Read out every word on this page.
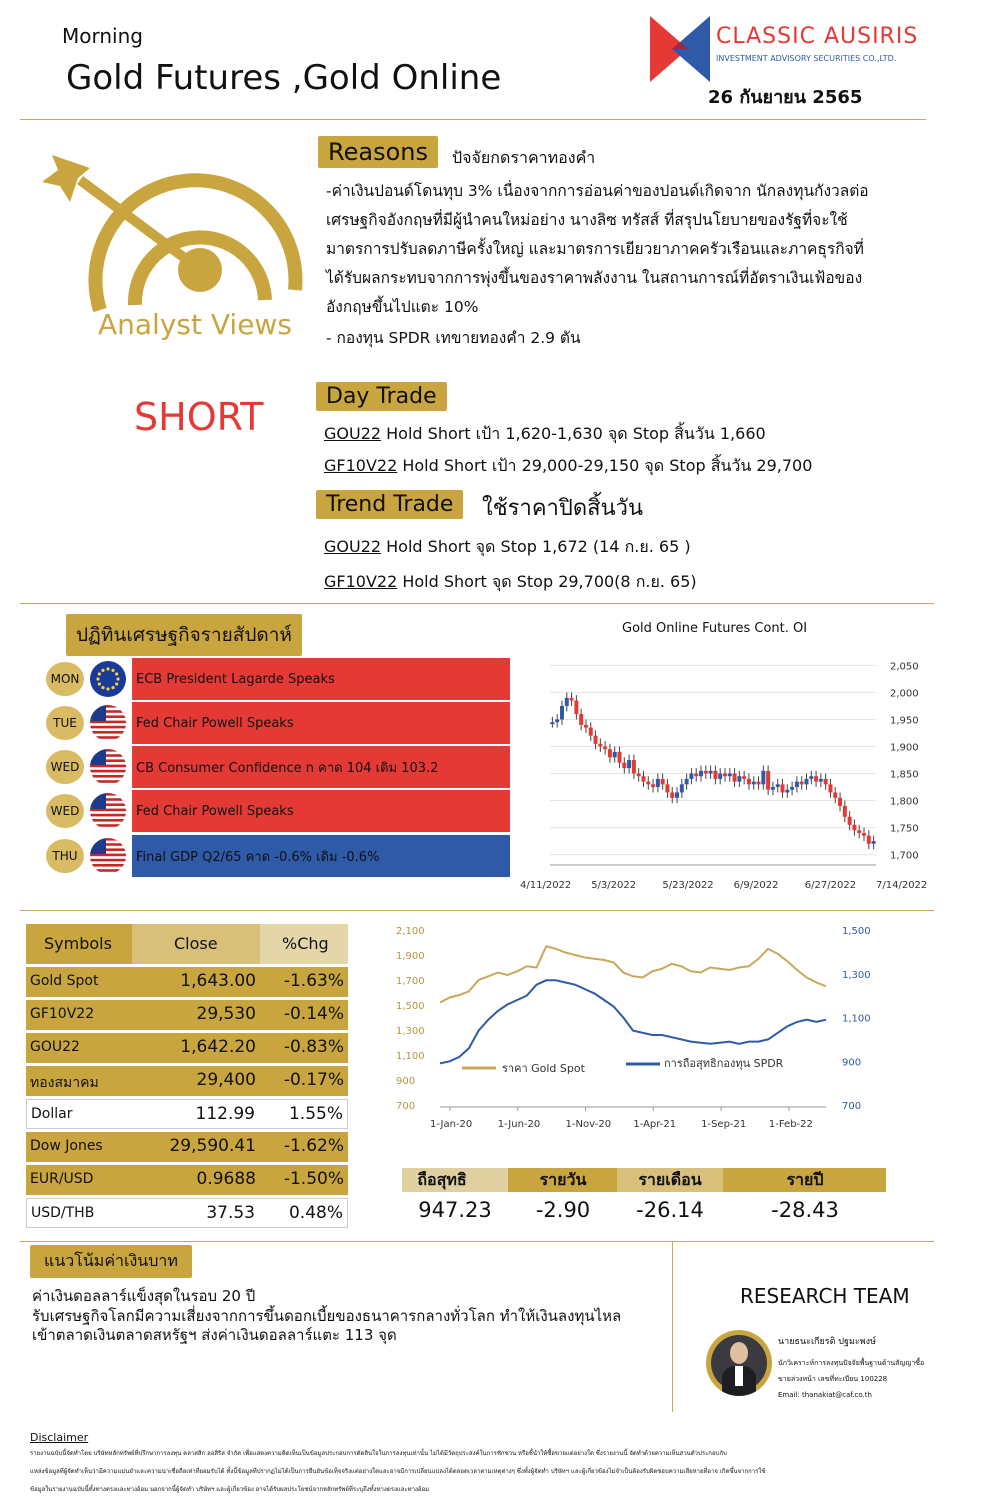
Morning
Gold Futures ,Gold Online	26 กันยายน 2565
CLASSIC AUSIRIS
INVESTMENT ADVISORY SECURITIES CO.,LTD.
Analyst Views
SHORT
Reasons	ปัจจัยกดราคาทองคำ
-ค่าเงินปอนด์โดนทุบ 3% เนื่องจากการอ่อนค่าของปอนด์เกิดจาก นักลงทุนกังวลต่อ
เศรษฐกิจอังกฤษที่มีผู้นำคนใหม่อย่าง นางลิซ ทรัสส์ ที่สรุปนโยบายของรัฐที่จะใช้
มาตรการปรับลดภาษีครั้งใหญ่ และมาตรการเยียวยาภาคครัวเรือนและภาคธุรกิจที่
ได้รับผลกระทบจากการพุ่งขึ้นของราคาพลังงาน ในสถานการณ์ที่อัตราเงินเฟ้อของ
อังกฤษขึ้นไปแตะ 10%
- กองทุน SPDR เทขายทองคำ 2.9 ตัน
Day Trade
GOU22 Hold Short เป้า 1,620-1,630 จุด Stop สิ้นวัน 1,660
GF10V22 Hold Short เป้า 29,000-29,150 จุด Stop สิ้นวัน 29,700
Trend Trade	ใช้ราคาปิดสิ้นวัน
GOU22 Hold Short จุด Stop 1,672 (14 ก.ย. 65 )
GF10V22 Hold Short จุด Stop 29,700(8 ก.ย. 65)
ปฏิทินเศรษฐกิจรายสัปดาห์
MON	ECB President Lagarde Speaks
TUE	Fed Chair Powell Speaks
WED	CB Consumer Confidence n คาด 104 เดิม 103.2
WED	Fed Chair Powell Speaks
THU	Final GDP Q2/65 คาด -0.6% เดิม -0.6%
Gold Online Futures Cont. OI
2,050
2,000
1,950
1,900
1,850
1,800
1,750
1,700
4/11/2022 5/3/2022	5/23/2022 6/9/2022	6/27/2022 7/14/2022
Symbols	Close	%Chg
Gold Spot	1,643.00 -1.63%
GF10V22	29,530 -0.14%
GOU22	1,642.20 -0.83%
ทองสมาคม	29,400 -0.17%
Dollar	112.99 1.55%
Dow Jones	29,590.41 -1.62%
EUR/USD	0.9688 -1.50%
USD/THB	37.53 0.48%
2,100
1,900
1,700
1,500
1,300
1,100
900
700
1,500
1,300
1,100
900
700
1-Jan-20	1-Jun-20	1-Nov-20 1-Apr-21	1-Sep-21 1-Feb-22
ราคา Gold Spot	การถือสุทธิกองทุน SPDR
ถือสุทธิ	รายวัน	รายเดือน	รายปี
947.23	-2.90	-26.14	-28.43
แนวโน้มค่าเงินบาท
ค่าเงินดอลลาร์แข็งสุดในรอบ 20 ปี
รับเศรษฐกิจโลกมีความเสี่ยงจากการขึ้นดอกเบี้ยของธนาคารกลางทั่วโลก ทำให้เงินลงทุนไหล
เข้าตลาดเงินตลาดสหรัฐฯ ส่งค่าเงินดอลลาร์แตะ 113 จุด
RESEARCH TEAM
นายธนะเกียรติ ปฐมะพงษ์
นักวิเคราะห์การลงทุนปัจจัยพื้นฐานด้านสัญญาซื้อ
ขายล่วงหน้า เลขที่ทะเบียน 100228
Email: thanakiat@caf.co.th
Disclaimer
รายงานฉบับนี้จัดทำโดย บริษัทหลักทรัพย์ที่ปรึกษาการลงทุน คลาสสิก ออสิริส จำกัด เพื่อแสดงความคิดเห็นเป็นข้อมูลประกอบการตัดสินใจในการลงทุนเท่านั้น ไม่ได้มีวัตถุประสงค์ในการชักชวน หรือชี้นำให้ซื้อขายแต่อย่างใด ซึ่งรายงานนี้ จัดทำด้วยความเห็นส่วนตัวประกอบกับ
แหล่งข้อมูลที่ผู้จัดทำเห็นว่ามีความแม่นยำและความน่าเชื่อถือเท่าที่ยอมรับได้ ทั้งนี้ข้อมูลที่ปรากฏไม่ได้เป็นการยืนยันข้อเท็จจริงแต่อย่างใดและอาจมีการเปลี่ยนแปลงได้ตลอดเวลาตามเหตุต่างๆ ซึ่งทั้งผู้จัดทำ บริษัทฯ และผู้เกี่ยวข้องไม่จำเป็นต้องรับผิดชอบความเสียหายที่อาจ เกิดขึ้นจากการใช้
ข้อมูลในรายงานฉบับนี้ทั้งทางตรงและทางอ้อม นอกจากนี้ผู้จัดทำ บริษัทฯ และผู้เกี่ยวข้อง อาจได้รับผลประโยชน์จากหลักทรัพย์ที่ระบุถึงทั้งทางตรงและทางอ้อม
